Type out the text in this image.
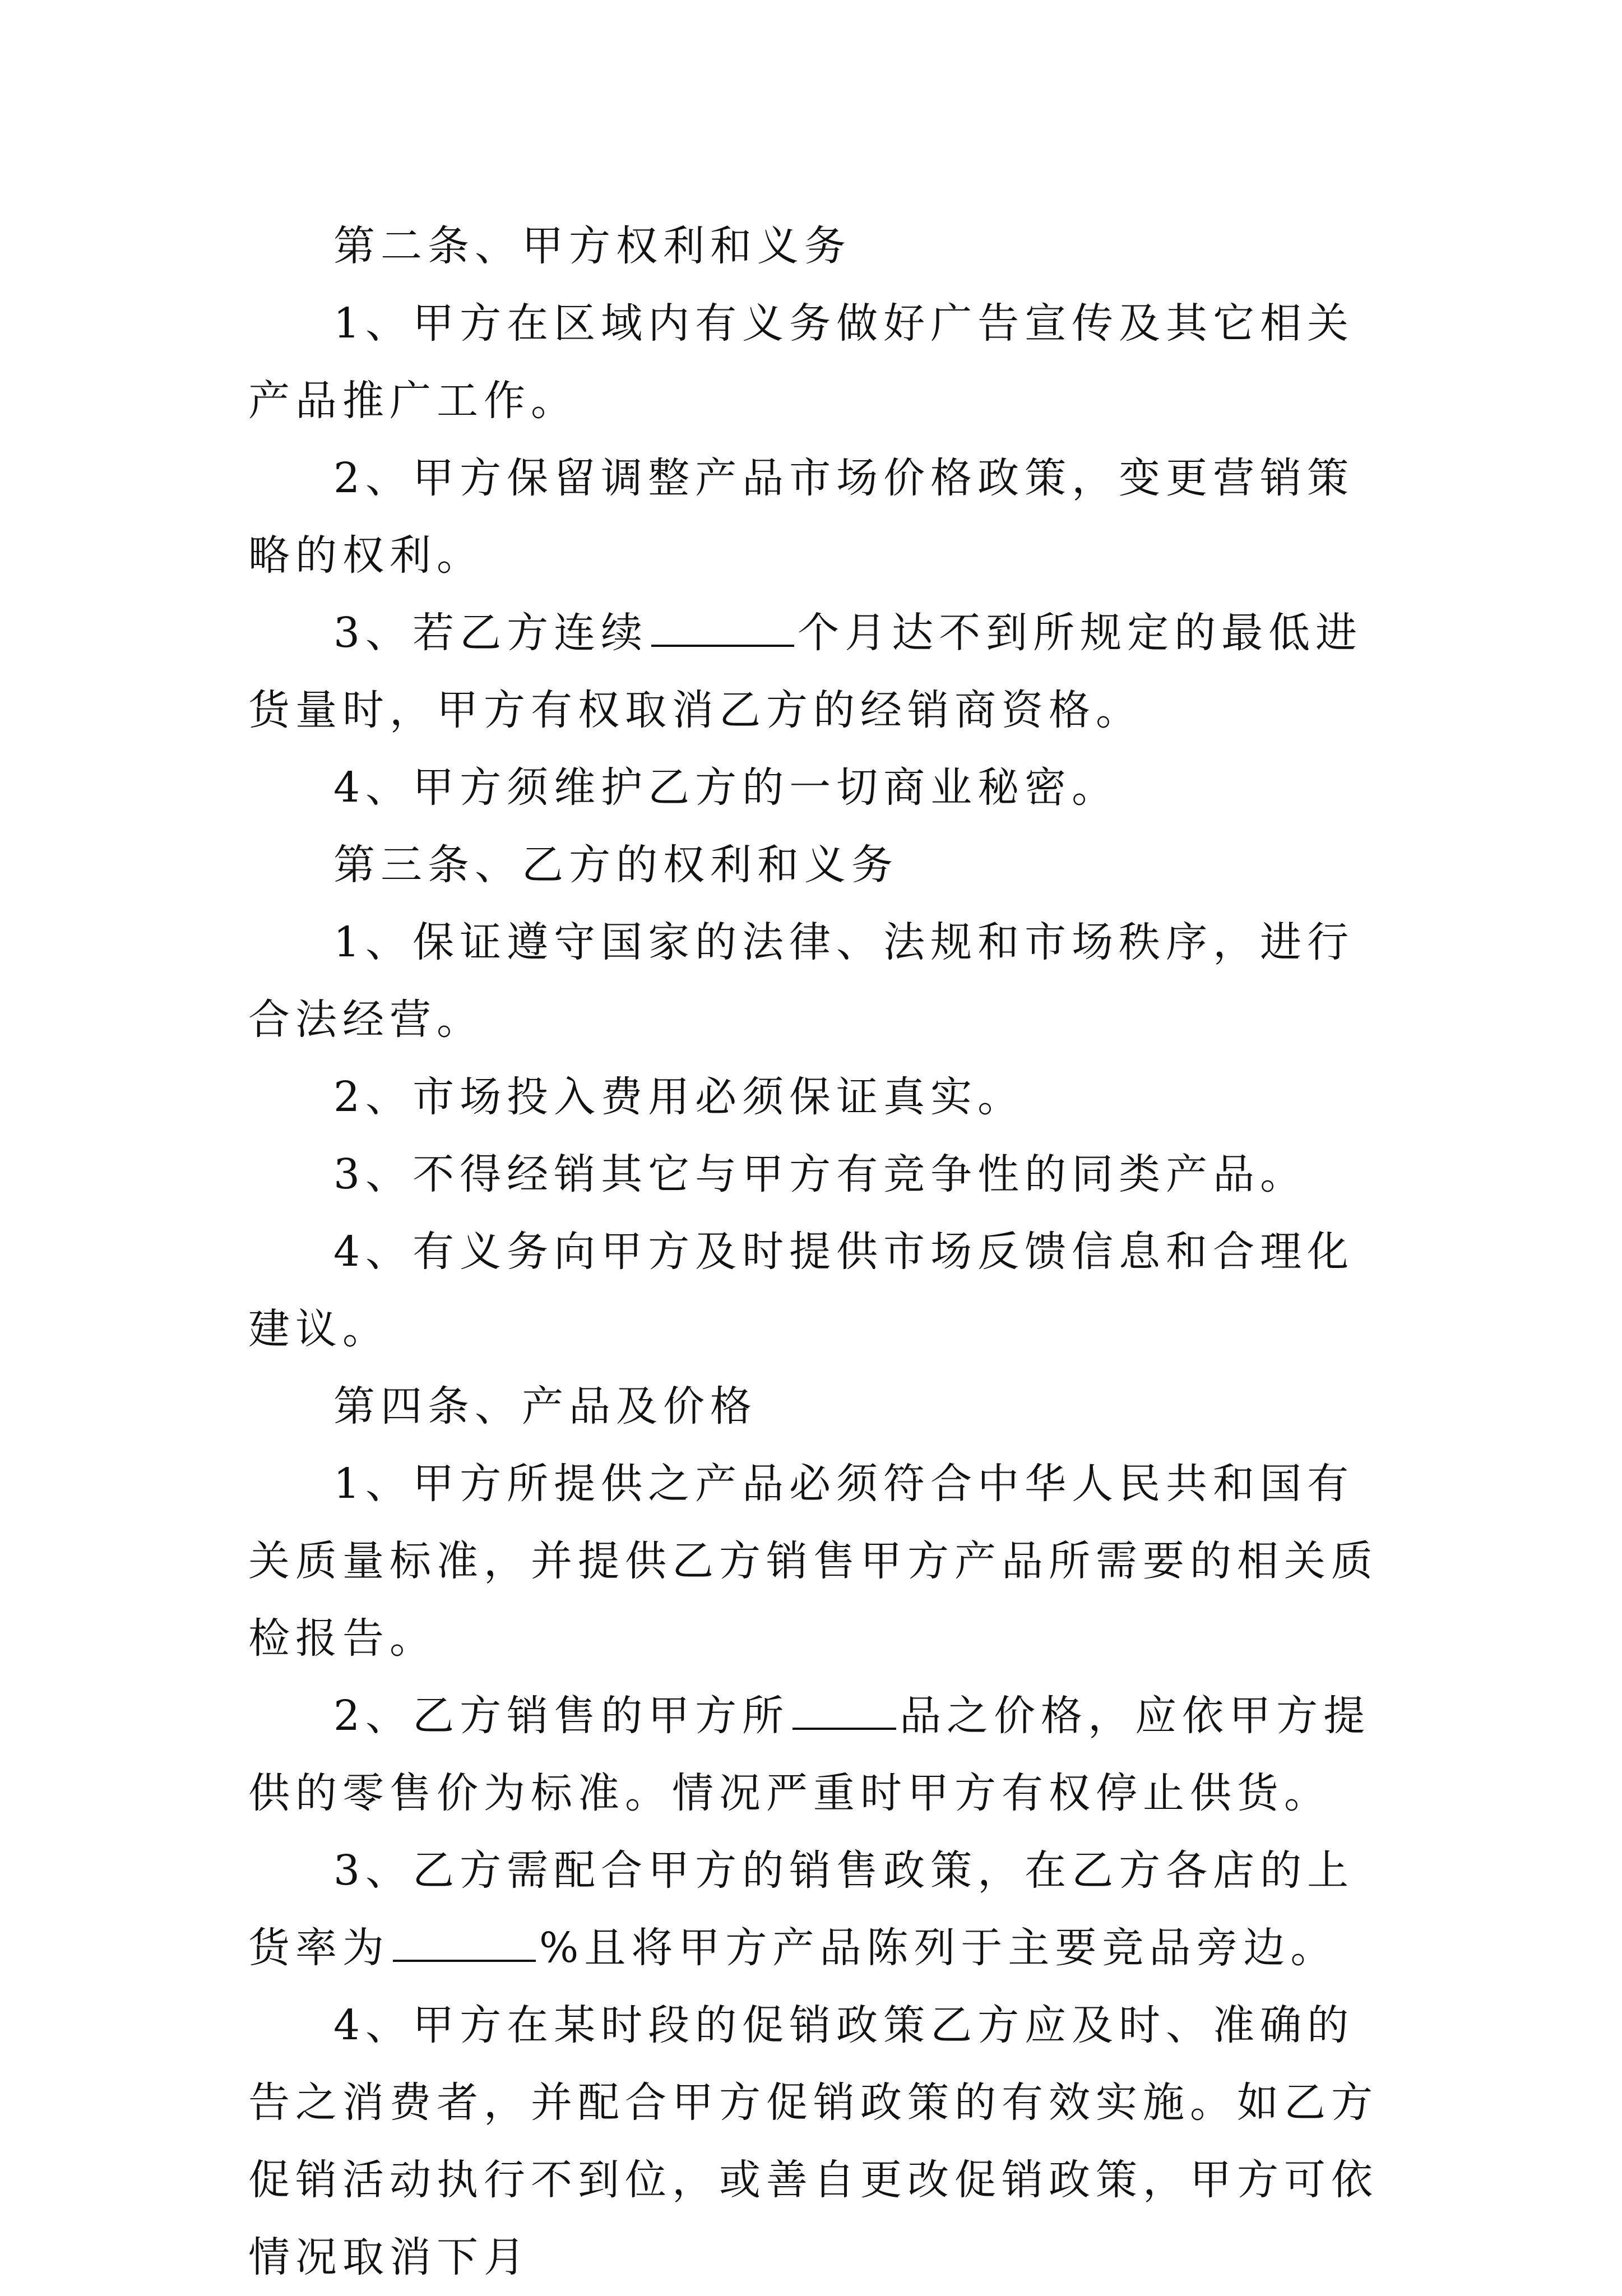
第二条、甲方权利和义务

1、甲方在区域内有义务做好广告宣传及其它相关产品推广工作。

2、甲方保留调整产品市场价格政策，变更营销策略的权利。

3、若乙方连续	个月达不到所规定的最低进货量时，甲方有权取消乙方的经销商资格。

4、甲方须维护乙方的一切商业秘密。

第三条、乙方的权利和义务

1、保证遵守国家的法律、法规和市场秩序，进行合法经营。

2、市场投入费用必须保证真实。

3、不得经销其它与甲方有竞争性的同类产品。

4、有义务向甲方及时提供市场反馈信息和合理化建议。

第四条、产品及价格

1、甲方所提供之产品必须符合中华人民共和国有关质量标准，并提供乙方销售甲方产品所需要的相关质检报告。

2、乙方销售的甲方所	品之价格，应依甲方提供的零售价为标准。情况严重时甲方有权停止供货。

3、乙方需配合甲方的销售政策，在乙方各店的上货率为	%且将甲方产品陈列于主要竞品旁边。

4、甲方在某时段的促销政策乙方应及时、准确的告之消费者，并配合甲方促销政策的有效实施。如乙方促销活动执行不到位，或善自更改促销政策，甲方可依情况取消下月
